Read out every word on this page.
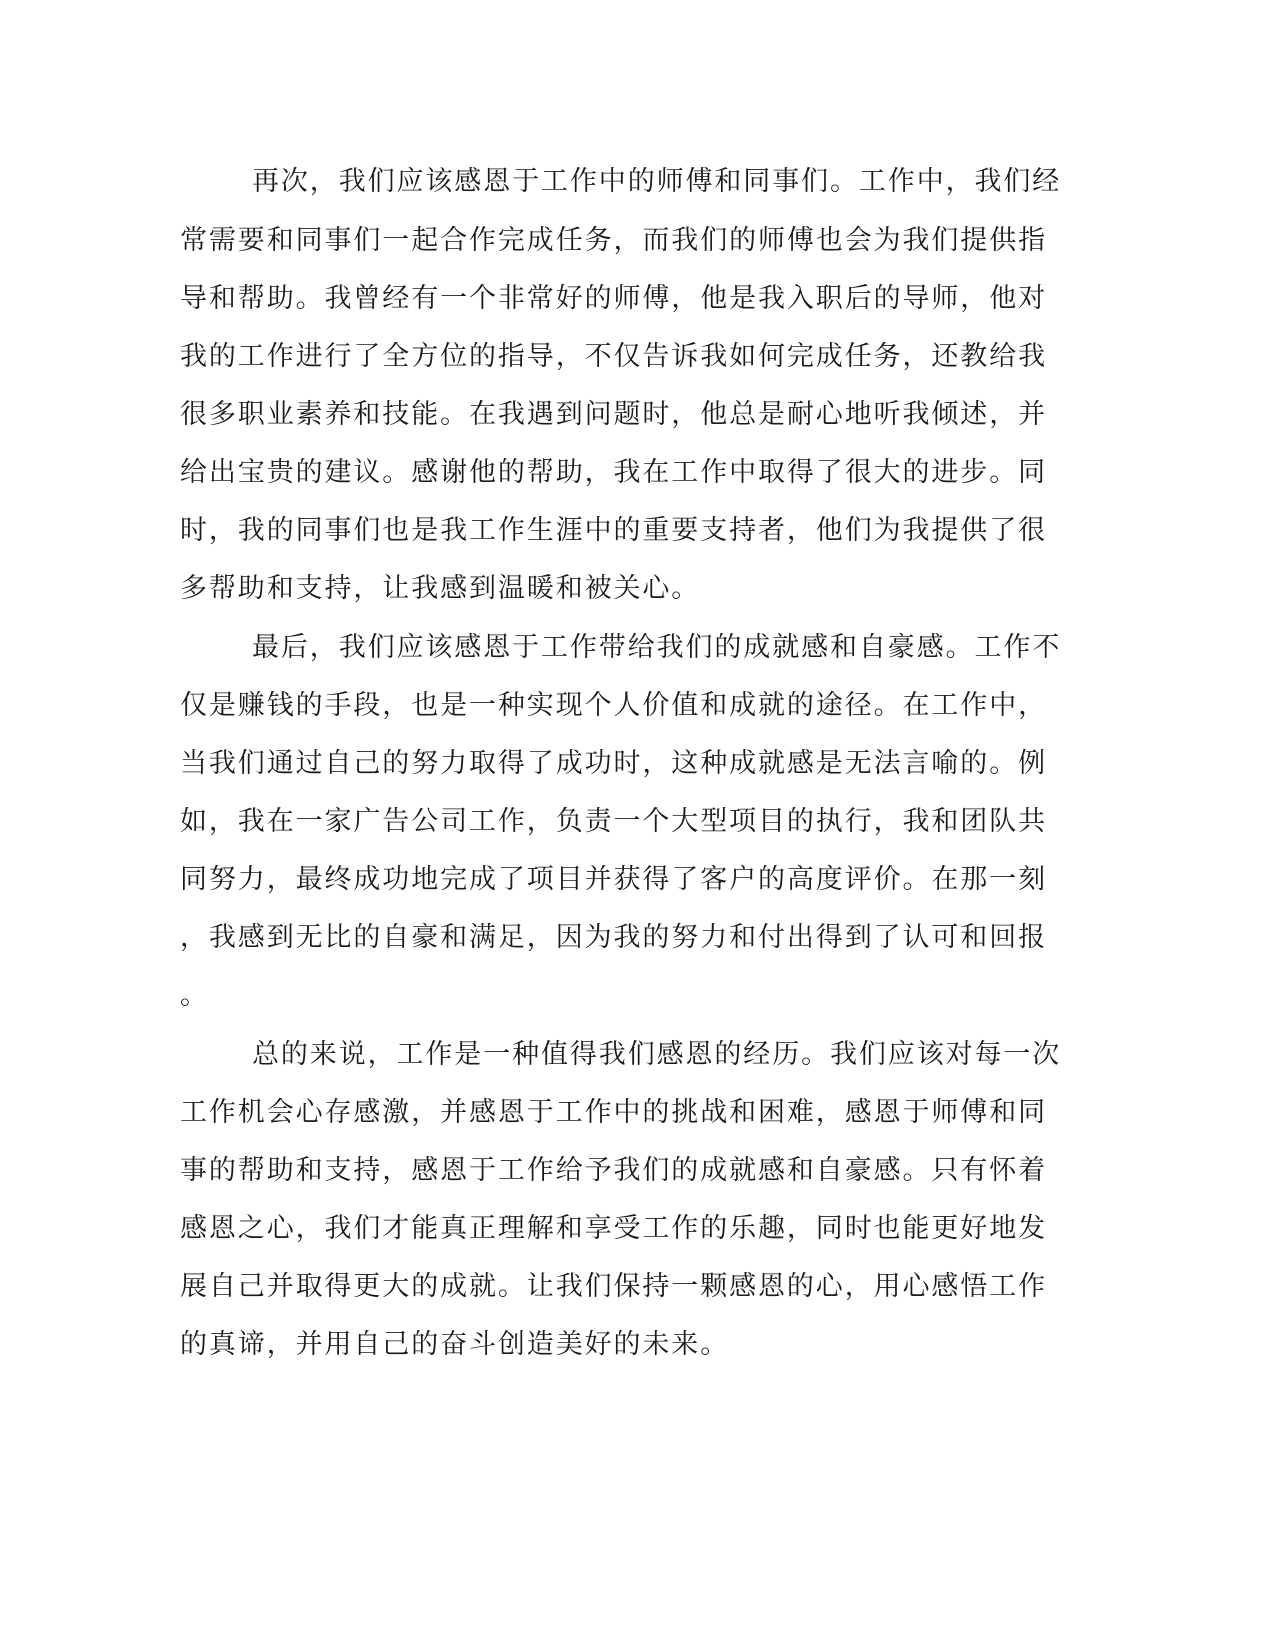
再次，我们应该感恩于工作中的师傅和同事们。工作中，我们经
常需要和同事们一起合作完成任务，而我们的师傅也会为我们提供指
导和帮助。我曾经有一个非常好的师傅，他是我入职后的导师，他对
我的工作进行了全方位的指导，不仅告诉我如何完成任务，还教给我
很多职业素养和技能。在我遇到问题时，他总是耐心地听我倾述，并
给出宝贵的建议。感谢他的帮助，我在工作中取得了很大的进步。同
时，我的同事们也是我工作生涯中的重要支持者，他们为我提供了很
多帮助和支持，让我感到温暖和被关心。
最后，我们应该感恩于工作带给我们的成就感和自豪感。工作不
仅是赚钱的手段，也是一种实现个人价值和成就的途径。在工作中，
当我们通过自己的努力取得了成功时，这种成就感是无法言喻的。例
如，我在一家广告公司工作，负责一个大型项目的执行，我和团队共
同努力，最终成功地完成了项目并获得了客户的高度评价。在那一刻
，我感到无比的自豪和满足，因为我的努力和付出得到了认可和回报
。
总的来说，工作是一种值得我们感恩的经历。我们应该对每一次
工作机会心存感激，并感恩于工作中的挑战和困难，感恩于师傅和同
事的帮助和支持，感恩于工作给予我们的成就感和自豪感。只有怀着
感恩之心，我们才能真正理解和享受工作的乐趣，同时也能更好地发
展自己并取得更大的成就。让我们保持一颗感恩的心，用心感悟工作
的真谛，并用自己的奋斗创造美好的未来。
